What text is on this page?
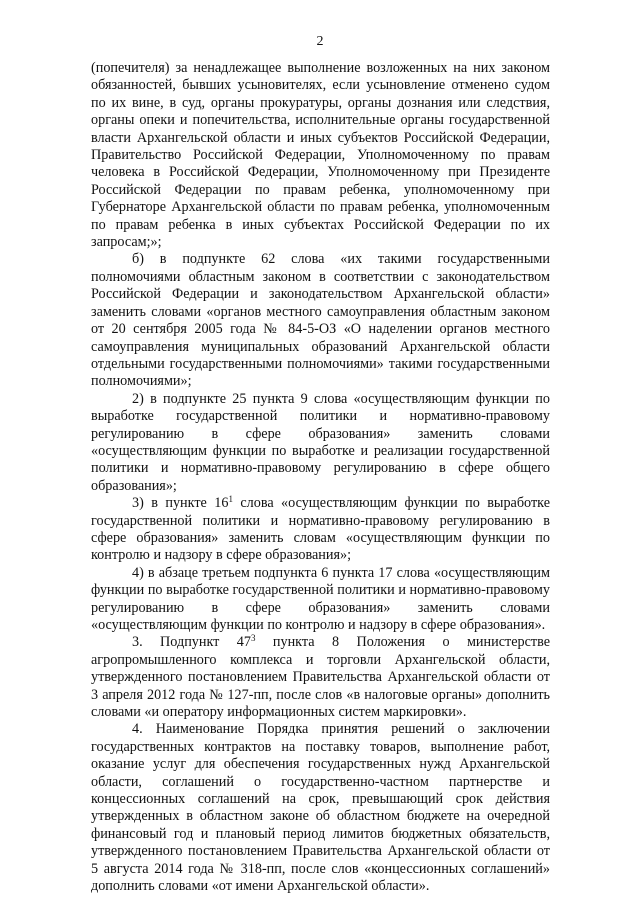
2

(попечителя) за ненадлежащее выполнение возложенных на них законом обязанностей, бывших усыновителях, если усыновление отменено судом по их вине, в суд, органы прокуратуры, органы дознания или следствия, органы опеки и попечительства, исполнительные органы государственной власти Архангельской области и иных субъектов Российской Федерации, Правительство Российской Федерации, Уполномоченному по правам человека в Российской Федерации, Уполномоченному при Президенте Российской Федерации по правам ребенка, уполномоченному при Губернаторе Архангельской области по правам ребенка, уполномоченным по правам ребенка в иных субъектах Российской Федерации по их запросам;»;

б) в подпункте 62 слова «их такими государственными полномочиями областным законом в соответствии с законодательством Российской Федерации и законодательством Архангельской области» заменить словами «органов местного самоуправления областным законом от 20 сентября 2005 года № 84-5-ОЗ «О наделении органов местного самоуправления муниципальных образований Архангельской области отдельными государственными полномочиями» такими государственными полномочиями»;

2) в подпункте 25 пункта 9 слова «осуществляющим функции по выработке государственной политики и нормативно-правовому регулированию в сфере образования» заменить словами «осуществляющим функции по выработке и реализации государственной политики и нормативно-правовому регулированию в сфере общего образования»;

3) в пункте $16^1$ слова «осуществляющим функции по выработке государственной политики и нормативно-правовому регулированию в сфере образования» заменить словам «осуществляющим функции по контролю и надзору в сфере образования»;

4) в абзаце третьем подпункта 6 пункта 17 слова «осуществляющим функции по выработке государственной политики и нормативно-правовому регулированию в сфере образования» заменить словами «осуществляющим функции по контролю и надзору в сфере образования».

3. Подпункт $47^3$ пункта 8 Положения о министерстве агропромышленного комплекса и торговли Архангельской области, утвержденного постановлением Правительства Архангельской области от 3 апреля 2012 года № 127-пп, после слов «в налоговые органы» дополнить словами «и оператору информационных систем маркировки».

4. Наименование Порядка принятия решений о заключении государственных контрактов на поставку товаров, выполнение работ, оказание услуг для обеспечения государственных нужд Архангельской области, соглашений о государственно-частном партнерстве и концессионных соглашений на срок, превышающий срок действия утвержденных в областном законе об областном бюджете на очередной финансовый год и плановый период лимитов бюджетных обязательств, утвержденного постановлением Правительства Архангельской области от 5 августа 2014 года № 318-пп, после слов «концессионных соглашений» дополнить словами «от имени Архангельской области».
